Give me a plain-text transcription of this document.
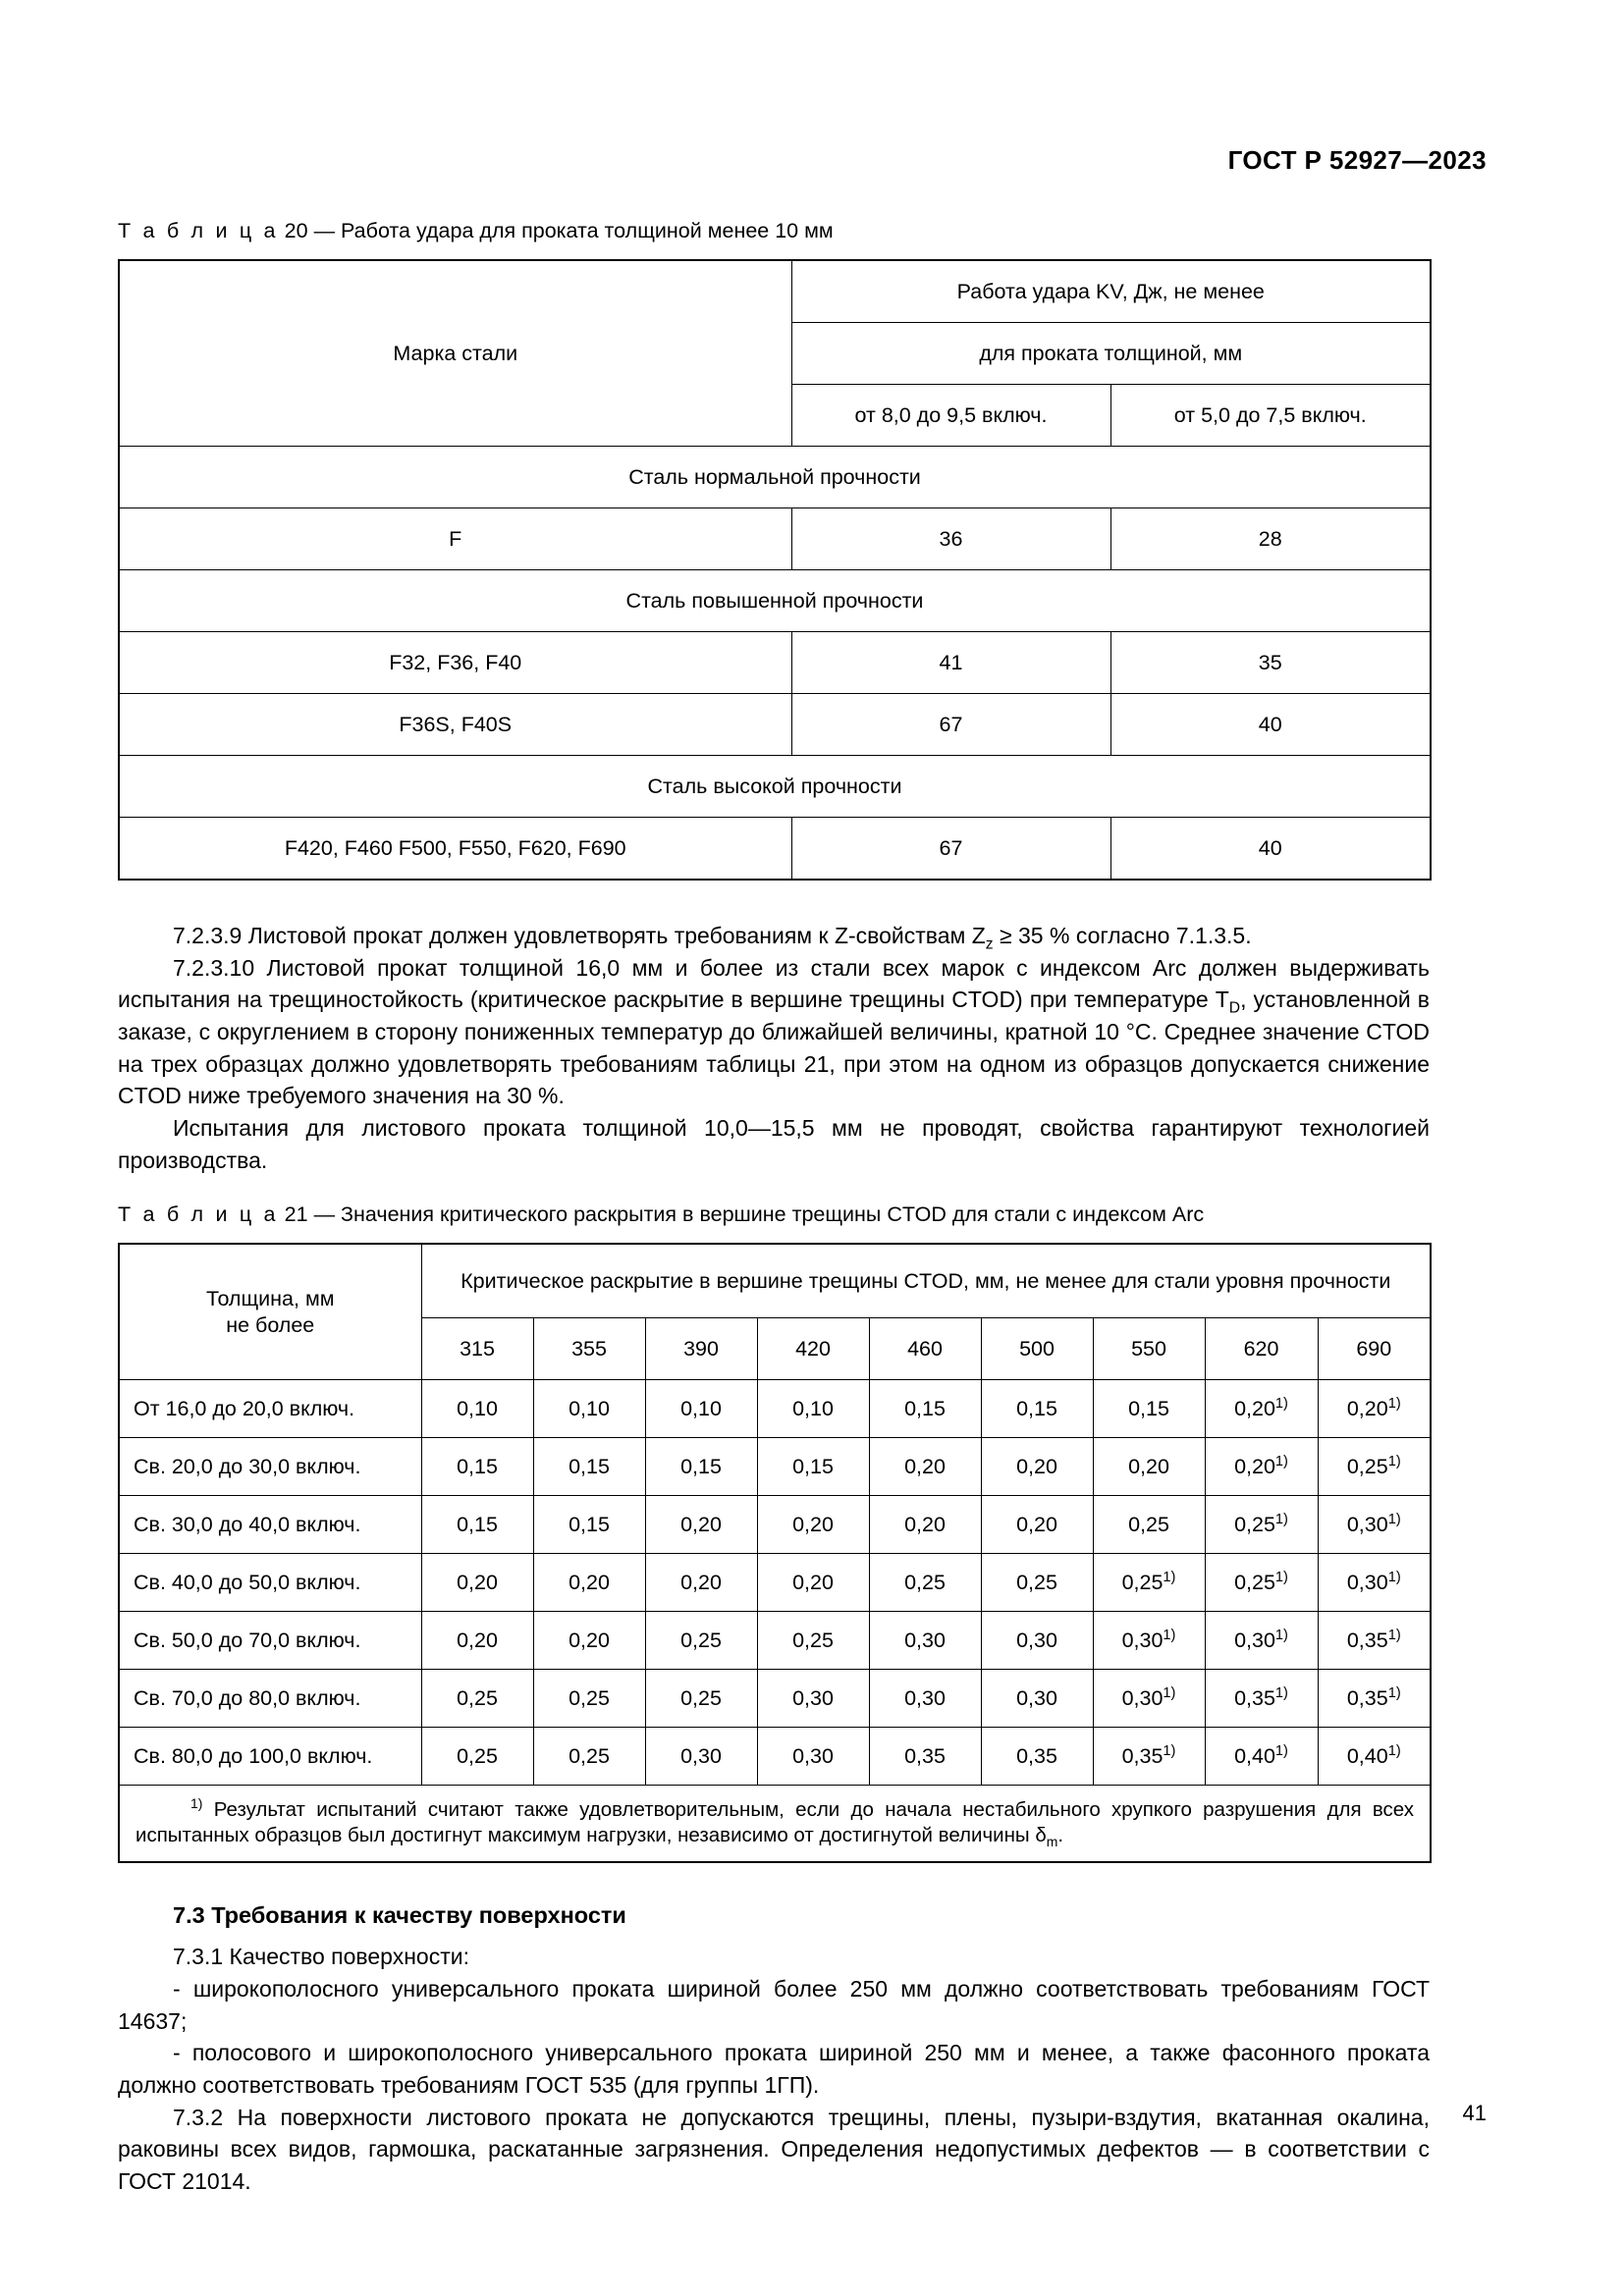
ГОСТ Р 52927—2023
Т а б л и ц а 20 — Работа удара для проката толщиной менее 10 мм
Марка стали	Работа удара KV, Дж, не менее	
	для проката толщиной, мм	
	от 8,0 до 9,5 включ.	от 5,0 до 7,5 включ.
Сталь нормальной прочности		
F	36	28
Сталь повышенной прочности		
F32, F36, F40	41	35
F36S, F40S	67	40
Сталь высокой прочности		
F420, F460 F500, F550, F620, F690	67	40

7.2.3.9 Листовой прокат должен удовлетворять требованиям к Z-свойствам $Z_z \ge 35$ % согласно 7.1.3.5.

7.2.3.10 Листовой прокат толщиной 16,0 мм и более из стали всех марок с индексом Arc должен выдерживать испытания на трещиностойкость (критическое раскрытие в вершине трещины CTOD) при температуре $T_D$, установленной в заказе, с округлением в сторону пониженных температур до ближайшей величины, кратной 10 °С. Среднее значение CTOD на трех образцах должно удовлетворять требованиям таблицы 21, при этом на одном из образцов допускается снижение CTOD ниже требуемого значения на 30 %.

Испытания для листового проката толщиной 10,0—15,5 мм не проводят, свойства гарантируют технологией производства.

Т а б л и ц а 21 — Значения критического раскрытия в вершине трещины CTOD для стали с индексом Arc
Толщина, мм
не более	Критическое раскрытие в вершине трещины CTOD, мм, не менее для стали уровня прочности								
	315	355	390	420	460	500	550	620	690
От 16,0 до 20,0 включ.	0,10	0,10	0,10	0,10	0,15	0,15	0,15	0,20$^{1)}$	0,20$^{1)}$
Св. 20,0 до 30,0 включ.	0,15	0,15	0,15	0,15	0,20	0,20	0,20	0,20$^{1)}$	0,25$^{1)}$
Св. 30,0 до 40,0 включ.	0,15	0,15	0,20	0,20	0,20	0,20	0,25	0,25$^{1)}$	0,30$^{1)}$
Св. 40,0 до 50,0 включ.	0,20	0,20	0,20	0,20	0,25	0,25	0,25$^{1)}$	0,25$^{1)}$	0,30$^{1)}$
Св. 50,0 до 70,0 включ.	0,20	0,20	0,25	0,25	0,30	0,30	0,30$^{1)}$	0,30$^{1)}$	0,35$^{1)}$
Св. 70,0 до 80,0 включ.	0,25	0,25	0,25	0,30	0,30	0,30	0,30$^{1)}$	0,35$^{1)}$	0,35$^{1)}$
Св. 80,0 до 100,0 включ.	0,25	0,25	0,30	0,30	0,35	0,35	0,35$^{1)}$	0,40$^{1)}$	0,40$^{1)}$

$^{1)}$ Результат испытаний считают также удовлетворительным, если до начала нестабильного хрупкого разрушения для всех испытанных образцов был достигнут максимум нагрузки, независимо от достигнутой величины $\delta_m$.									
7.3 Требования к качеству поверхности

7.3.1 Качество поверхности:

- широкополосного универсального проката шириной более 250 мм должно соответствовать требованиям ГОСТ 14637;

- полосового и широкополосного универсального проката шириной 250 мм и менее, а также фасонного проката должно соответствовать требованиям ГОСТ 535 (для группы 1ГП).

7.3.2 На поверхности листового проката не допускаются трещины, плены, пузыри-вздутия, вкатанная окалина, раковины всех видов, гармошка, раскатанные загрязнения. Определения недопустимых дефектов — в соответствии с ГОСТ 21014.

41
